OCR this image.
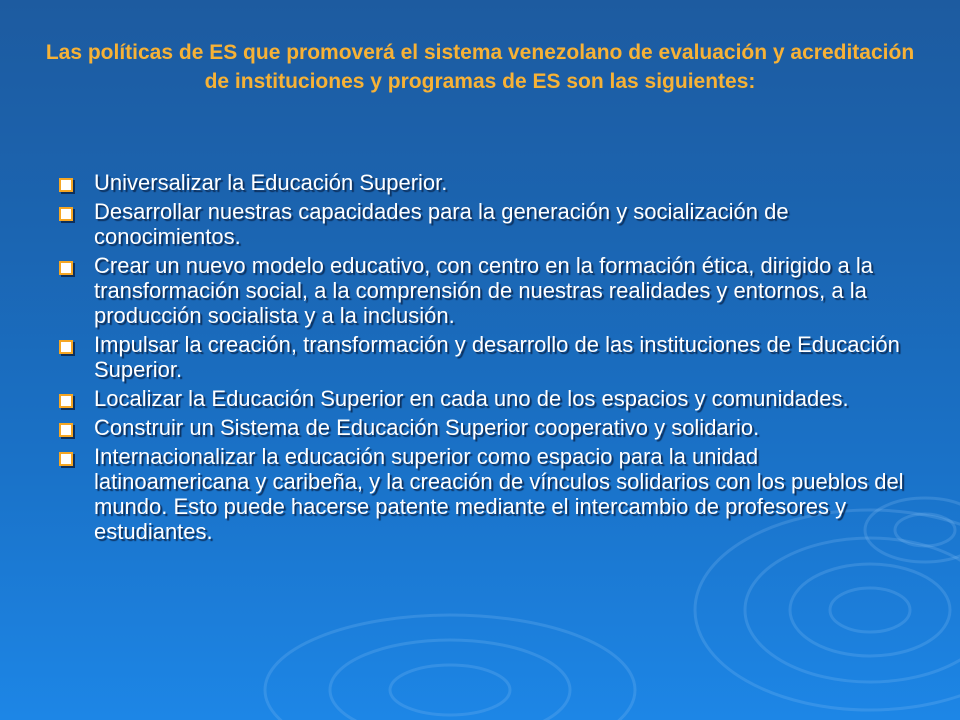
Las políticas de ES que promoverá el sistema venezolano de evaluación y acreditación de instituciones y programas de ES son las siguientes:
Universalizar la Educación Superior.
Desarrollar nuestras capacidades para la generación y socialización de conocimientos.
Crear un nuevo modelo educativo, con centro en la formación ética, dirigido a la transformación social, a la comprensión de nuestras realidades y entornos, a la producción socialista y a la inclusión.
Impulsar la creación, transformación y desarrollo de las instituciones de Educación Superior.
Localizar la Educación Superior en cada uno de los espacios y comunidades.
Construir un Sistema de Educación Superior cooperativo y solidario.
Internacionalizar la educación superior como espacio para la unidad latinoamericana y caribeña, y la creación de vínculos solidarios con los pueblos del mundo. Esto puede hacerse patente mediante el intercambio de profesores y estudiantes.
